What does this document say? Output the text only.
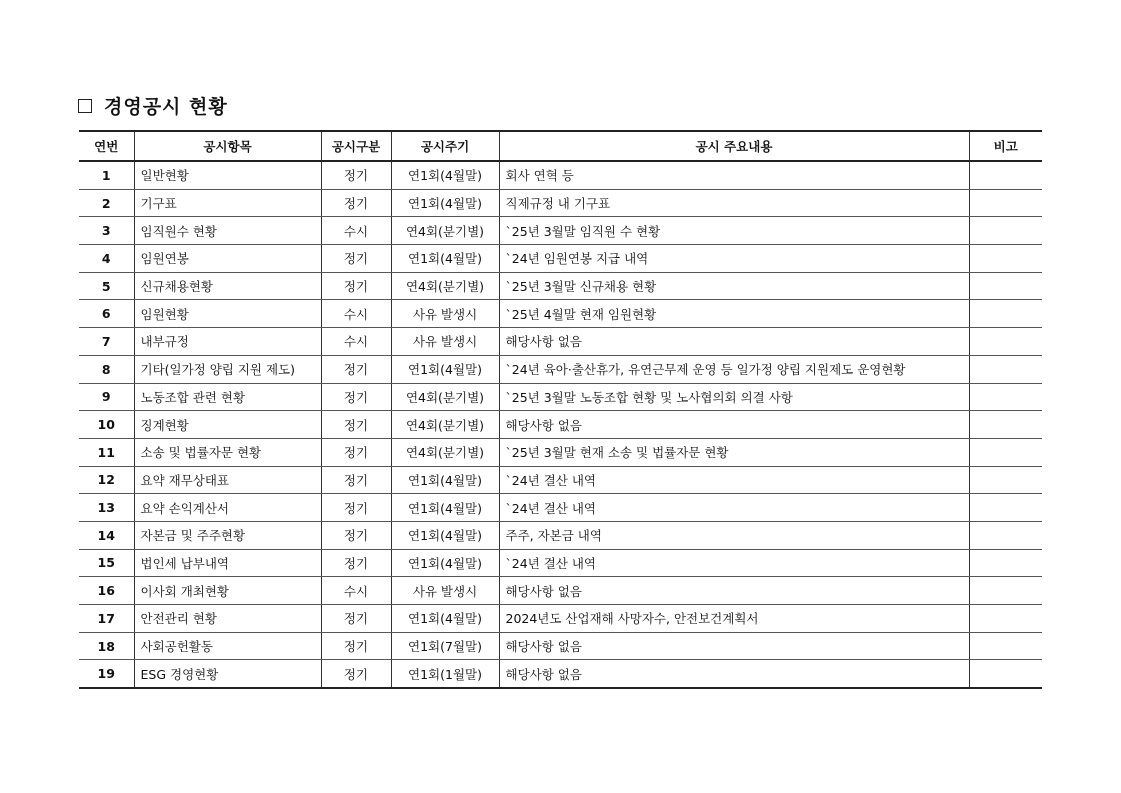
경영공시 현황
연번	공시항목	공시구분	공시주기	공시 주요내용	비고
1	일반현황	정기	연1회(4월말)	회사 연혁 등	
2	기구표	정기	연1회(4월말)	직제규정 내 기구표	
3	임직원수 현황	수시	연4회(분기별)	`25년 3월말 임직원 수 현황	
4	임원연봉	정기	연1회(4월말)	`24년 임원연봉 지급 내역	
5	신규채용현황	정기	연4회(분기별)	`25년 3월말 신규채용 현황	
6	임원현황	수시	사유 발생시	`25년 4월말 현재 임원현황	
7	내부규정	수시	사유 발생시	해당사항 없음	
8	기타(일가정 양립 지원 제도)	정기	연1회(4월말)	`24년 육아·출산휴가, 유연근무제 운영 등 일가정 양립 지원제도 운영현황	
9	노동조합 관련 현황	정기	연4회(분기별)	`25년 3월말 노동조합 현황 및 노사협의회 의결 사항	
10	징계현황	정기	연4회(분기별)	해당사항 없음	
11	소송 및 법률자문 현황	정기	연4회(분기별)	`25년 3월말 현재 소송 및 법률자문 현황	
12	요약 재무상태표	정기	연1회(4월말)	`24년 결산 내역	
13	요약 손익계산서	정기	연1회(4월말)	`24년 결산 내역	
14	자본금 및 주주현황	정기	연1회(4월말)	주주, 자본금 내역	
15	법인세 납부내역	정기	연1회(4월말)	`24년 결산 내역	
16	이사회 개최현황	수시	사유 발생시	해당사항 없음	
17	안전관리 현황	정기	연1회(4월말)	2024년도 산업재해 사망자수, 안전보건계획서	
18	사회공헌활동	정기	연1회(7월말)	해당사항 없음	
19	ESG 경영현황	정기	연1회(1월말)	해당사항 없음	
